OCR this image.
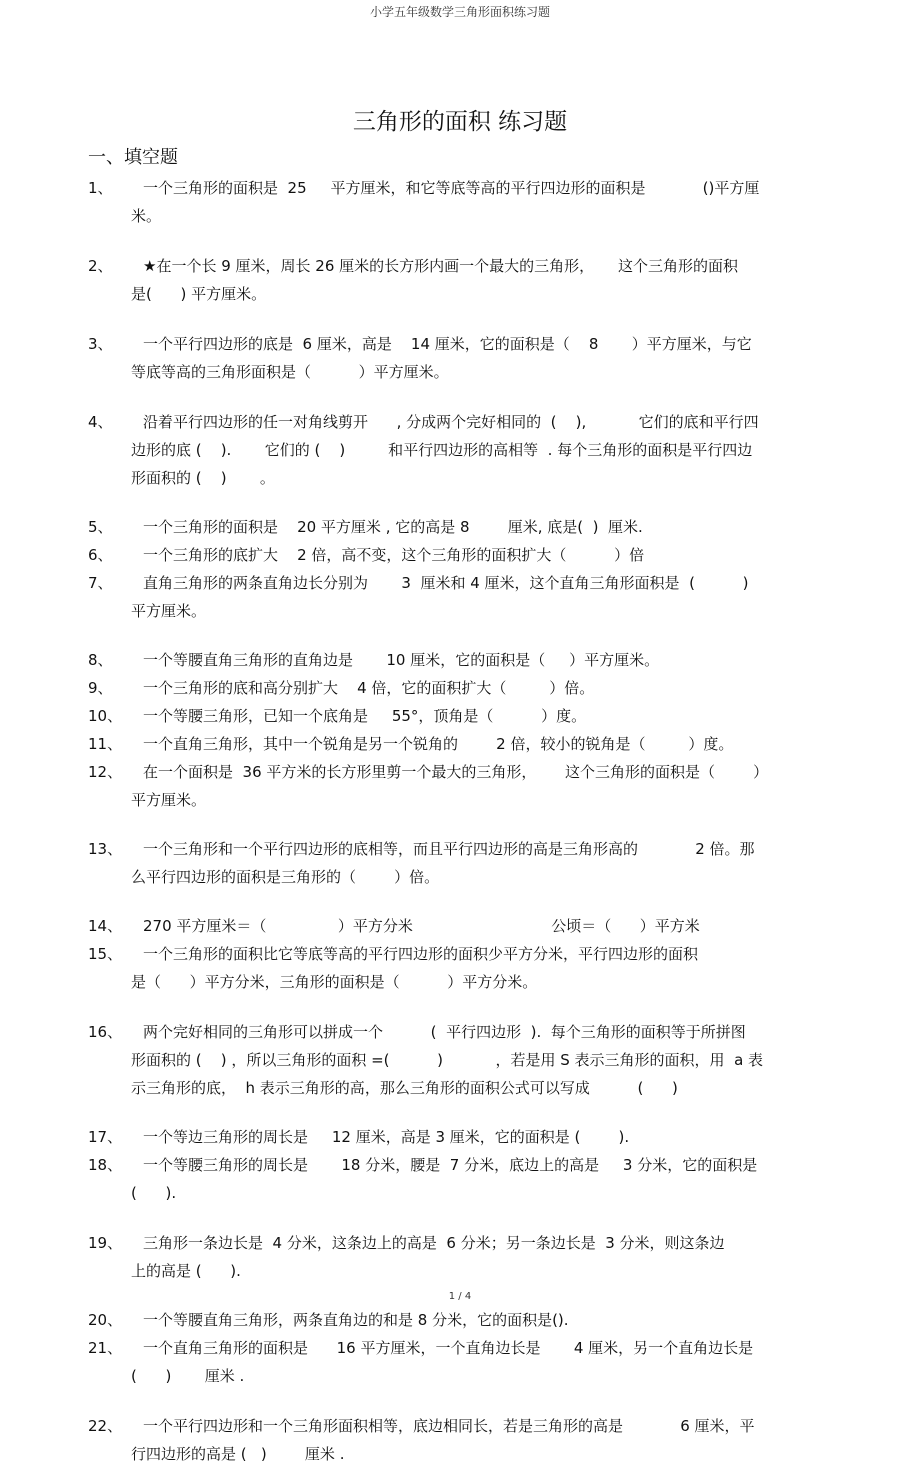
小学五年级数学三角形面积练习题
三角形的面积 练习题
一、填空题
1、	一个三角形的面积是  25     平方厘米，和它等底等高的平行四边形的面积是            ()平方厘
米。
2、	★在一个长 9 厘米，周长 26 厘米的长方形内画一个最大的三角形，     这个三角形的面积
是(      ) 平方厘米。
3、	一个平行四边形的底是  6 厘米，高是    14 厘米，它的面积是（    8       ）平方厘米，与它
等底等高的三角形面积是（          ）平方厘米。
4、	沿着平行四边形的任一对角线剪开      , 分成两个完好相同的  (    ),           它们的底和平行四
边形的底 (    ).       它们的 (    )         和平行四边形的高相等  . 每个三角形的面积是平行四边
形面积的 (    )       。
5、	一个三角形的面积是    20 平方厘米 , 它的高是 8        厘米, 底是(  )  厘米.
6、	一个三角形的底扩大    2 倍，高不变，这个三角形的面积扩大（          ）倍
7、	直角三角形的两条直角边长分别为       3  厘米和 4 厘米，这个直角三角形面积是  (          )
平方厘米。
8、	一个等腰直角三角形的直角边是       10 厘米，它的面积是（     ）平方厘米。
9、	一个三角形的底和高分别扩大    4 倍，它的面积扩大（         ）倍。
10、	一个等腰三角形，已知一个底角是     55°，顶角是（          ）度。
11、	一个直角三角形，其中一个锐角是另一个锐角的        2 倍，较小的锐角是（         ）度。
12、	在一个面积是  36 平方米的长方形里剪一个最大的三角形，      这个三角形的面积是（        ）
平方厘米。
13、	一个三角形和一个平行四边形的底相等，而且平行四边形的高是三角形高的            2 倍。那
么平行四边形的面积是三角形的（        ）倍。
14、	270 平方厘米＝（               ）平方分米                             公顷＝（      ）平方米
15、	一个三角形的面积比它等底等高的平行四边形的面积少平方分米，平行四边形的面积
是（      ）平方分米，三角形的面积是（          ）平方分米。
16、	两个完好相同的三角形可以拼成一个          (  平行四边形  ).  每个三角形的面积等于所拼图
形面积的 (    ) ，所以三角形的面积 =(          )           ，若是用 S 表示三角形的面积，用  a 表
示三角形的底，  h 表示三角形的高，那么三角形的面积公式可以写成          (      )
17、	一个等边三角形的周长是     12 厘米，高是 3 厘米，它的面积是 (        ).
18、	一个等腰三角形的周长是       18 分米，腰是  7 分米，底边上的高是     3 分米，它的面积是
(      ).
19、	三角形一条边长是  4 分米，这条边上的高是  6 分米；另一条边长是  3 分米，则这条边
上的高是 (      ).
20、	一个等腰直角三角形，两条直角边的和是 8 分米，它的面积是().
21、	一个直角三角形的面积是      16 平方厘米，一个直角边长是       4 厘米，另一个直角边长是
(      )       厘米 .
22、	一个平行四边形和一个三角形面积相等，底边相同长，若是三角形的高是            6 厘米，平
行四边形的高是 (   )        厘米 .
1 / 4
